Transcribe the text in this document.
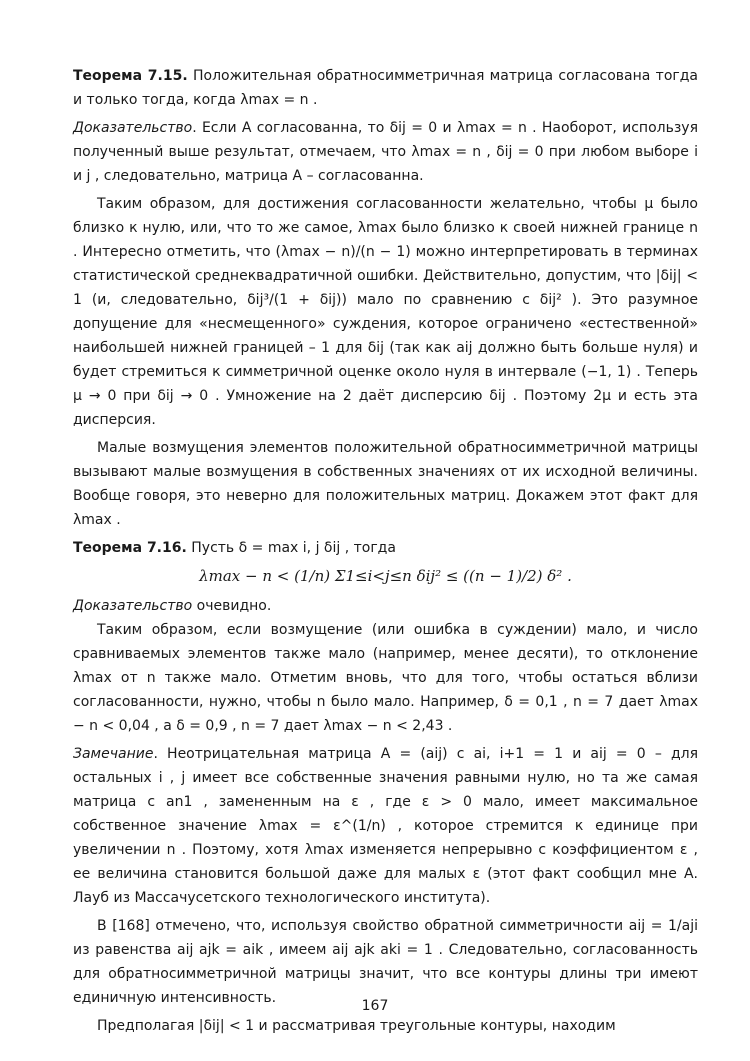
Теорема 7.15. Положительная обратносимметричная матрица согласована тогда и только тогда, когда λmax = n .

Доказательство. Если A согласованна, то δij = 0 и λmax = n . Наоборот, используя полученный выше результат, отмечаем, что λmax = n , δij = 0 при любом выборе i и j , следовательно, матрица A – согласованна.

Таким образом, для достижения согласованности желательно, чтобы μ было близко к нулю, или, что то же самое, λmax было близко к своей нижней границе n . Интересно отметить, что (λmax − n)/(n − 1) можно интерпретировать в терминах статистической среднеквадратичной ошибки. Действительно, допустим, что |δij| < 1 (и, следовательно, δij³/(1 + δij)) мало по сравнению с δij² ). Это разумное допущение для «несмещенного» суждения, которое ограничено «естественной» наибольшей нижней границей – 1 для δij (так как aij должно быть больше нуля) и будет стремиться к симметричной оценке около нуля в интервале (−1, 1) . Теперь μ → 0 при δij → 0 . Умножение на 2 даёт дисперсию δij . Поэтому 2μ и есть эта дисперсия.

Малые возмущения элементов положительной обратносимметричной матрицы вызывают малые возмущения в собственных значениях от их исходной величины. Вообще говоря, это неверно для положительных матриц. Докажем этот факт для λmax .

Теорема 7.16. Пусть δ = max i, j δij , тогда

λmax − n < (1/n) Σ1≤i<j≤n δij² ≤ ((n − 1)/2) δ² .

Доказательство очевидно.

Таким образом, если возмущение (или ошибка в суждении) мало, и число сравниваемых элементов также мало (например, менее десяти), то отклонение λmax от n также мало. Отметим вновь, что для того, чтобы остаться вблизи согласованности, нужно, чтобы n было мало. Например, δ = 0,1 , n = 7 дает λmax − n < 0,04 , а δ = 0,9 , n = 7 дает λmax − n < 2,43 .

Замечание. Неотрицательная матрица A = (aij) с ai, i+1 = 1 и aij = 0 – для остальных i , j имеет все собственные значения равными нулю, но та же самая матрица с an1 , замененным на ε , где ε > 0 мало, имеет максимальное собственное значение λmax = ε^(1/n) , которое стремится к единице при увеличении n . Поэтому, хотя λmax изменяется непрерывно с коэффициентом ε , ее величина становится большой даже для малых ε (этот факт сообщил мне А. Лауб из Массачусетского технологического института).

В [168] отмечено, что, используя свойство обратной симметричности aij = 1/aji из равенства aij ajk = aik , имеем aij ajk aki = 1 . Следовательно, согласованность для обратносимметричной матрицы значит, что все контуры длины три имеют единичную интенсивность.

Предполагая |δij| < 1 и рассматривая треугольные контуры, находим

167
